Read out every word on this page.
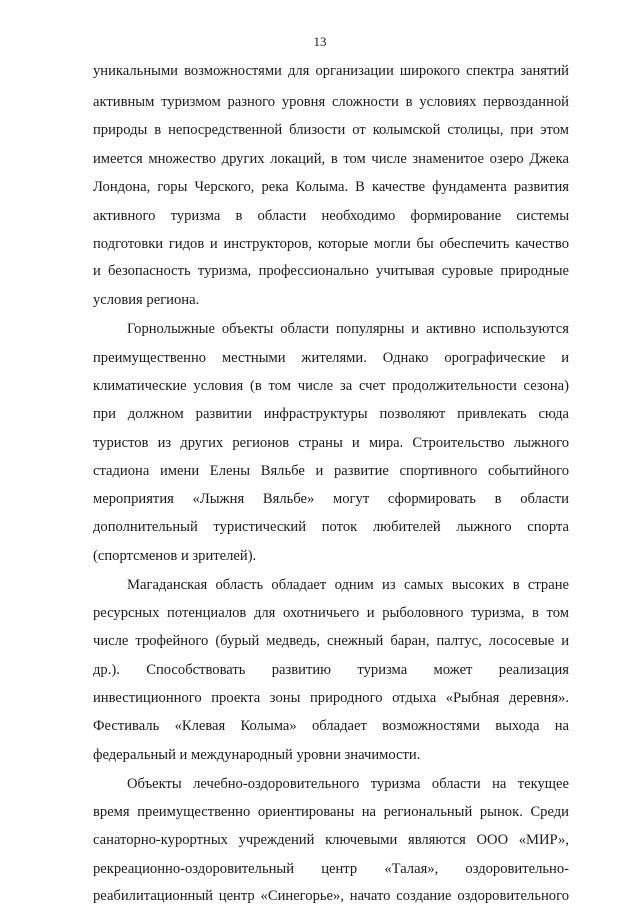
13
уникальными возможностями для организации широкого спектра занятий
активным туризмом разного уровня сложности в условиях первозданной
природы в непосредственной близости от колымской столицы, при этом
имеется множество других локаций, в том числе знаменитое озеро Джека
Лондона, горы Черского, река Колыма. В качестве фундамента развития
активного туризма в области необходимо формирование системы
подготовки гидов и инструкторов, которые могли бы обеспечить качество
и безопасность туризма, профессионально учитывая суровые природные
условия региона.
Горнолыжные объекты области популярны и активно используются
преимущественно местными жителями. Однако орографические и
климатические условия (в том числе за счет продолжительности сезона)
при должном развитии инфраструктуры позволяют привлекать сюда
туристов из других регионов страны и мира. Строительство лыжного
стадиона имени Елены Вяльбе и развитие спортивного событийного
мероприятия «Лыжня Вяльбе» могут сформировать в области
дополнительный туристический поток любителей лыжного спорта
(спортсменов и зрителей).
Магаданская область обладает одним из самых высоких в стране
ресурсных потенциалов для охотничьего и рыболовного туризма, в том
числе трофейного (бурый медведь, снежный баран, палтус, лососевые и
др.). Способствовать развитию туризма может реализация
инвестиционного проекта зоны природного отдыха «Рыбная деревня».
Фестиваль «Клевая Колыма» обладает возможностями выхода на
федеральный и международный уровни значимости.
Объекты лечебно-оздоровительного туризма области на текущее
время преимущественно ориентированы на региональный рынок. Среди
санаторно-курортных учреждений ключевыми являются ООО «МИР»,
рекреационно-оздоровительный центр «Талая», оздоровительно-
реабилитационный центр «Синегорье», начато создание оздоровительного
